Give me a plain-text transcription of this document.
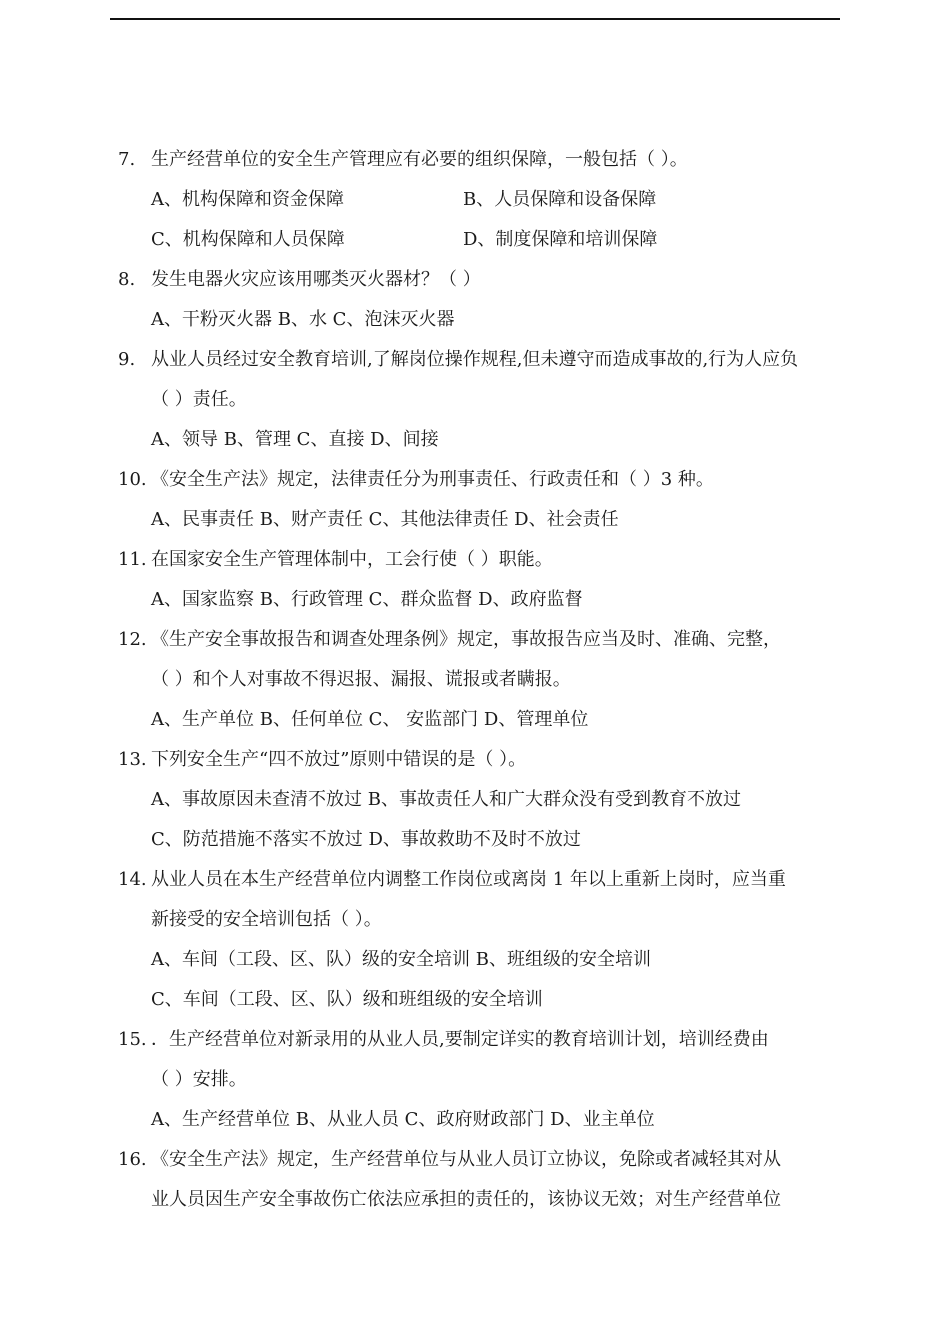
7. 生产经营单位的安全生产管理应有必要的组织保障，一般包括（ ）。
A、机构保障和资金保障	B、人员保障和设备保障
C、机构保障和人员保障	D、制度保障和培训保障
8. 发生电器火灾应该用哪类灭火器材？（ ）
A、干粉灭火器 B、水 C、泡沫灭火器
9. 从业人员经过安全教育培训,了解岗位操作规程,但未遵守而造成事故的,行为人应负
（ ）责任。
A、领导 B、管理 C、直接 D、间接
10. 《安全生产法》规定，法律责任分为刑事责任、行政责任和（ ）3 种。
A、民事责任 B、财产责任 C、其他法律责任 D、社会责任
11. 在国家安全生产管理体制中，工会行使（ ）职能。
A、国家监察 B、行政管理 C、群众监督 D、政府监督
12. 《生产安全事故报告和调查处理条例》规定，事故报告应当及时、准确、完整，
（ ）和个人对事故不得迟报、漏报、谎报或者瞒报。
A、生产单位 B、任何单位 C、 安监部门 D、管理单位
13. 下列安全生产“四不放过”原则中错误的是（ ）。
A、事故原因未查清不放过 B、事故责任人和广大群众没有受到教育不放过
C、防范措施不落实不放过 D、事故救助不及时不放过
14. 从业人员在本生产经营单位内调整工作岗位或离岗 1 年以上重新上岗时，应当重
新接受的安全培训包括（ ）。
A、车间（工段、区、队）级的安全培训 B、班组级的安全培训
C、车间（工段、区、队）级和班组级的安全培训
15. ．生产经营单位对新录用的从业人员,要制定详实的教育培训计划，培训经费由
（ ）安排。
A、生产经营单位 B、从业人员 C、政府财政部门 D、业主单位
16. 《安全生产法》规定，生产经营单位与从业人员订立协议，免除或者减轻其对从
业人员因生产安全事故伤亡依法应承担的责任的，该协议无效；对生产经营单位
